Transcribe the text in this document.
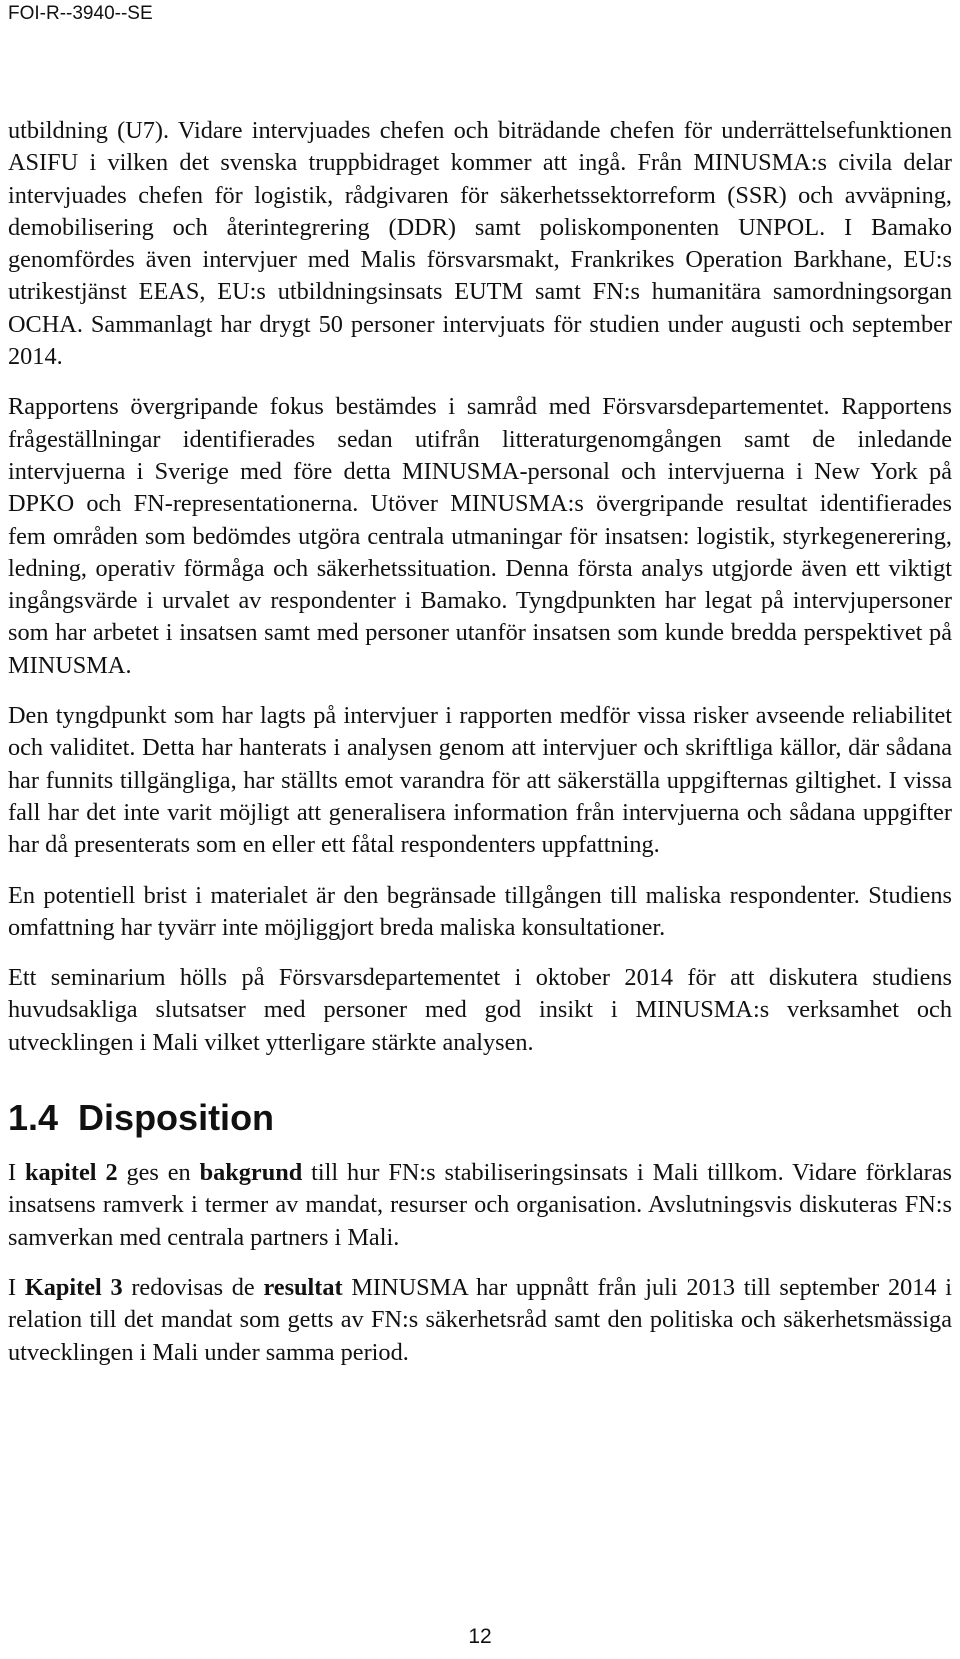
FOI-R--3940--SE

utbildning (U7). Vidare intervjuades chefen och biträdande chefen för underrättelsefunktionen ASIFU i vilken det svenska truppbidraget kommer att ingå. Från MINUSMA:s civila delar intervjuades chefen för logistik, rådgivaren för säkerhetssektorreform (SSR) och avväpning, demobilisering och återintegrering (DDR) samt poliskomponenten UNPOL. I Bamako genomfördes även intervjuer med Malis försvarsmakt, Frankrikes Operation Barkhane, EU:s utrikestjänst EEAS, EU:s utbildningsinsats EUTM samt FN:s humanitära samordningsorgan OCHA. Sammanlagt har drygt 50 personer intervjuats för studien under augusti och september 2014.

Rapportens övergripande fokus bestämdes i samråd med Försvarsdepartementet. Rapportens frågeställningar identifierades sedan utifrån litteraturgenomgången samt de inledande intervjuerna i Sverige med före detta MINUSMA-personal och intervjuerna i New York på DPKO och FN-representationerna. Utöver MINUSMA:s övergripande resultat identifierades fem områden som bedömdes utgöra centrala utmaningar för insatsen: logistik, styrkegenerering, ledning, operativ förmåga och säkerhetssituation. Denna första analys utgjorde även ett viktigt ingångsvärde i urvalet av respondenter i Bamako. Tyngdpunkten har legat på intervjupersoner som har arbetet i insatsen samt med personer utanför insatsen som kunde bredda perspektivet på MINUSMA.

Den tyngdpunkt som har lagts på intervjuer i rapporten medför vissa risker avseende reliabilitet och validitet. Detta har hanterats i analysen genom att intervjuer och skriftliga källor, där sådana har funnits tillgängliga, har ställts emot varandra för att säkerställa uppgifternas giltighet. I vissa fall har det inte varit möjligt att generalisera information från intervjuerna och sådana uppgifter har då presenterats som en eller ett fåtal respondenters uppfattning.

En potentiell brist i materialet är den begränsade tillgången till maliska respondenter. Studiens omfattning har tyvärr inte möjliggjort breda maliska konsultationer.

Ett seminarium hölls på Försvarsdepartementet i oktober 2014 för att diskutera studiens huvudsakliga slutsatser med personer med god insikt i MINUSMA:s verksamhet och utvecklingen i Mali vilket ytterligare stärkte analysen.

1.4 Disposition

I kapitel 2 ges en bakgrund till hur FN:s stabiliseringsinsats i Mali tillkom. Vidare förklaras insatsens ramverk i termer av mandat, resurser och organisation. Avslutningsvis diskuteras FN:s samverkan med centrala partners i Mali.

I Kapitel 3 redovisas de resultat MINUSMA har uppnått från juli 2013 till september 2014 i relation till det mandat som getts av FN:s säkerhetsråd samt den politiska och säkerhetsmässiga utvecklingen i Mali under samma period.

12
